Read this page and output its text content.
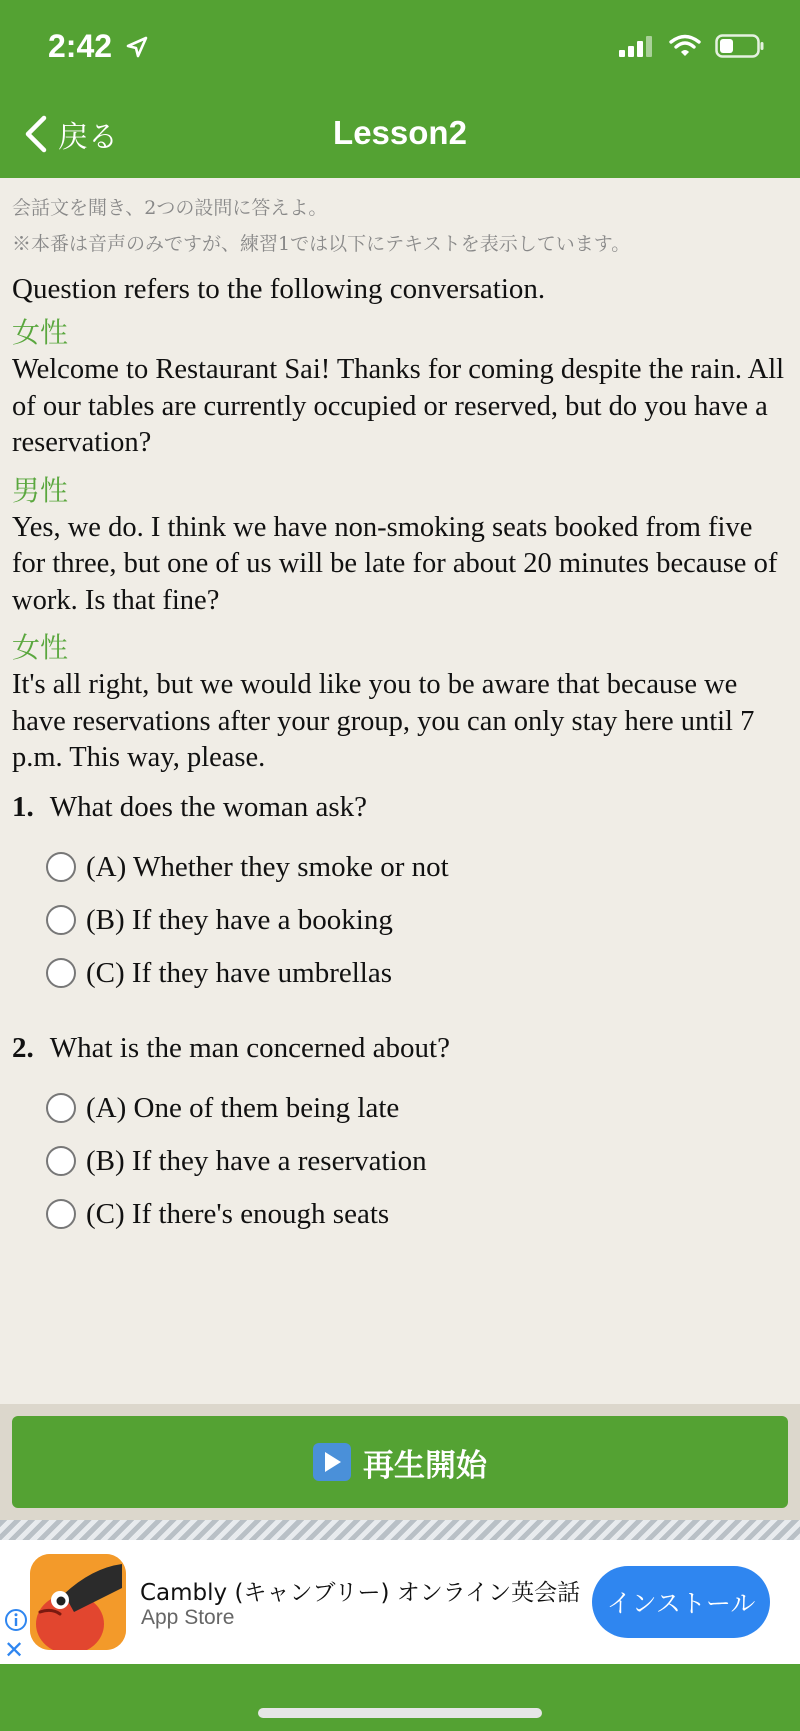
2:42
戻る	Lesson2
会話文を聞き、2つの設問に答えよ。
※本番は音声のみですが、練習1では以下にテキストを表示しています。
Question refers to the following conversation.
女性
Welcome to Restaurant Sai! Thanks for coming despite the rain. All of our tables are currently occupied or reserved, but do you have a reservation?
男性
Yes, we do. I think we have non-smoking seats booked from five for three, but one of us will be late for about 20 minutes because of work. Is that fine?
女性
It's all right, but we would like you to be aware that because we have reservations after your group, you can only stay here until 7 p.m. This way, please.
1. What does the woman ask?
(A) Whether they smoke or not
(B) If they have a booking
(C) If they have umbrellas
2. What is the man concerned about?
(A) One of them being late
(B) If they have a reservation
(C) If there's enough seats
再生開始
Cambly (キャンブリー) オンライン英会話
App Store	インストール
✕
